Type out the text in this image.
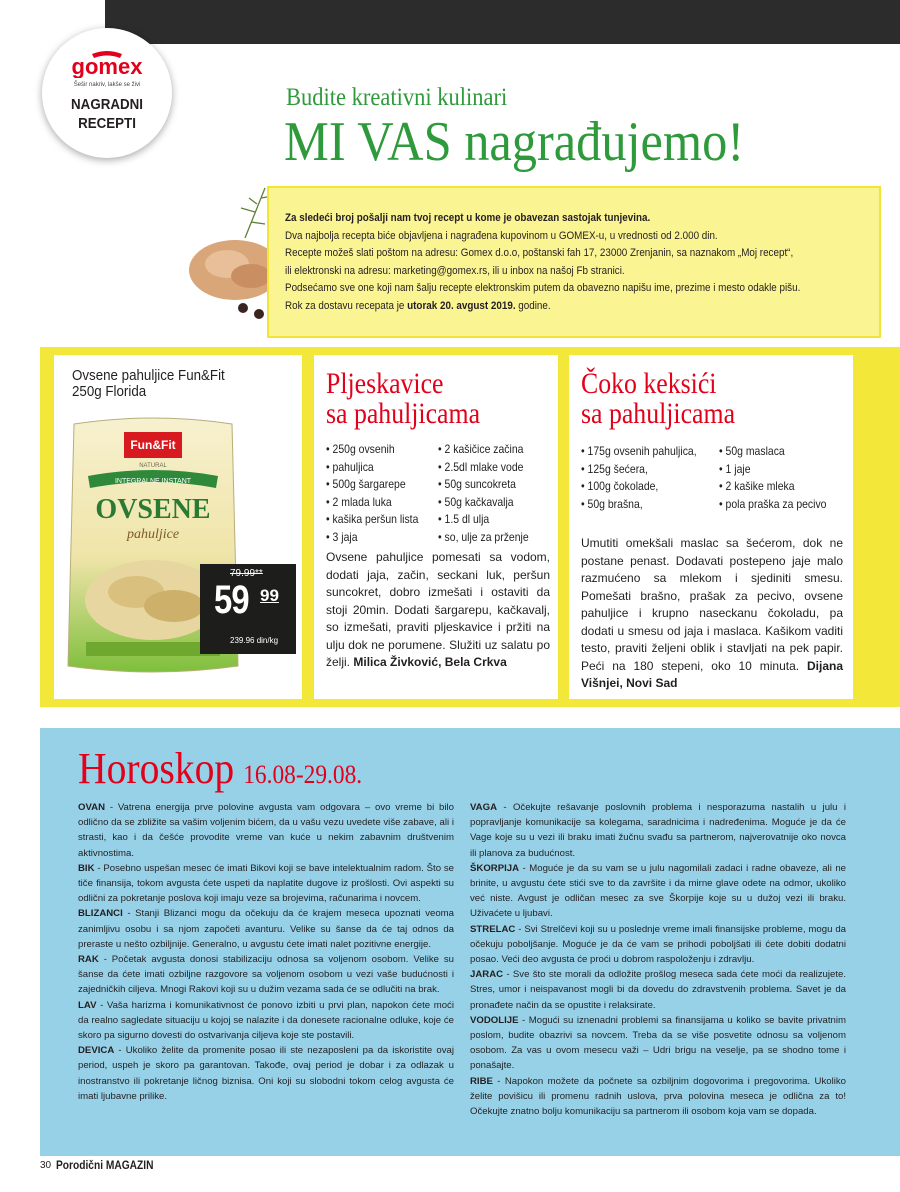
gomex
Šešir nakriv, lakše se živi
NAGRADNI
RECEPTI
Budite kreativni kulinari
MI VAS nagrađujemo!
Za sledeći broj pošalji nam tvoj recept u kome je obavezan sastojak tunjevina.
Dva najbolja recepta biće objavljena i nagrađena kupovinom u GOMEX-u, u vrednosti od 2.000 din.
Recepte možeš slati poštom na adresu: Gomex d.o.o, poštanski fah 17, 23000 Zrenjanin, sa naznakom „Moj recept“,
ili elektronski na adresu: marketing@gomex.rs, ili u inbox na našoj Fb stranici.
Podsećamo sve one koji nam šalju recepte elektronskim putem da obavezno napišu ime, prezime i mesto odakle pišu.
Rok za dostavu recepata je utorak 20. avgust 2019. godine.
Ovsene pahuljice Fun&Fit
250g Florida
Fun&Fit
NATURAL
INTEGRALNE INSTANT
OVSENE
pahuljice
79.99**
59 99
239.96 din/kg
Pljeskavice
sa pahuljicama
• 250g ovsenih
• pahuljica
• 500g šargarepe
• 2 mlada luka
• kašika peršun lista
• 3 jaja
• 2 kašičice začina
• 2.5dl mlake vode
• 50g suncokreta
• 50g kačkavalja
• 1.5 dl ulja
• so, ulje za prženje
Ovsene pahuljice pomesati sa vodom, dodati jaja, začin, seckani luk, peršun suncokret, dobro izmešati i ostaviti da stoji 20min. Dodati šargarepu, kačkavalj, so izmešati, praviti pljeskavice i pržiti na ulju dok ne porumene. Služiti uz salatu po želji. Milica Živković, Bela Crkva
Čoko keksići
sa pahuljicama
• 175g ovsenih pahuljica,
• 125g šećera,
• 100g čokolade,
• 50g brašna,
• 50g maslaca
• 1 jaje
• 2 kašike mleka
• pola praška za pecivo
Umutiti omekšali maslac sa šećerom, dok ne postane penast. Dodavati postepeno jaje malo razmućeno sa mlekom i sjediniti smesu. Pomešati brašno, prašak za pecivo, ovsene pahuljice i krupno naseckanu čokoladu, pa dodati u smesu od jaja i maslaca. Kašikom vaditi testo, praviti željeni oblik i stavljati na pek papir. Peći na 180 stepeni, oko 10 minuta. Dijana Višnjei, Novi Sad
Horoskop 16.08-29.08.

OVAN - Vatrena energija prve polovine avgusta vam odgovara – ovo vreme bi bilo odlično da se zbližite sa vašim voljenim bićem, da u vašu vezu uvedete više zabave, ali i strasti, kao i da češće provodite vreme van kuće u nekim zabavnim društvenim aktivnostima.

BIK - Posebno uspešan mesec će imati Bikovi koji se bave intelektualnim radom. Što se tiče finansija, tokom avgusta ćete uspeti da naplatite dugove iz prošlosti. Ovi aspekti su odlični za pokretanje poslova koji imaju veze sa brojevima, računarima i novcem.

BLIZANCI - Stanji Blizanci mogu da očekuju da će krajem meseca upoznati veoma zanimljivu osobu i sa njom započeti avanturu. Velike su šanse da će taj odnos da preraste u nešto ozbiljnije. Generalno, u avgustu ćete imati nalet pozitivne energije.

RAK - Početak avgusta donosi stabilizaciju odnosa sa voljenom osobom. Velike su šanse da ćete imati ozbiljne razgovore sa voljenom osobom u vezi vaše budućnosti i zajedničkih ciljeva. Mnogi Rakovi koji su u dužim vezama sada će se odlučiti na brak.

LAV - Vaša harizma i komunikativnost će ponovo izbiti u prvi plan, napokon ćete moći da realno sagledate situaciju u kojoj se nalazite i da donesete racionalne odluke, koje će skoro pa sigurno dovesti do ostvarivanja ciljeva koje ste postavili.

DEVICA - Ukoliko želite da promenite posao ili ste nezaposleni pa da iskoristite ovaj period, uspeh je skoro pa garantovan. Takođe, ovaj period je dobar i za odlazak u inostranstvo ili pokretanje ličnog biznisa. Oni koji su slobodni tokom celog avgusta će imati ljubavne prilike.

VAGA - Očekujte rešavanje poslovnih problema i nesporazuma nastalih u julu i popravljanje komunikacije sa kolegama, saradnicima i nadređenima. Moguće je da će Vage koje su u vezi ili braku imati žučnu svađu sa partnerom, najverovatnije oko novca ili planova za budućnost.

ŠKORPIJA - Moguće je da su vam se u julu nagomilali zadaci i radne obaveze, ali ne brinite, u avgustu ćete stići sve to da završite i da mirne glave odete na odmor, ukoliko već niste. Avgust je odličan mesec za sve Škorpije koje su u dužoj vezi ili braku. Uživaćete u ljubavi.

STRELAC - Svi Strelčevi koji su u poslednje vreme imali finansijske probleme, mogu da očekuju poboljšanje. Moguće je da će vam se prihodi poboljšati ili ćete dobiti dodatni posao. Veći deo avgusta će proći u dobrom raspoloženju i zdravlju.

JARAC - Sve što ste morali da odložite prošlog meseca sada ćete moći da realizujete. Stres, umor i neispavanost mogli bi da dovedu do zdravstvenih problema. Savet je da pronađete način da se opustite i relaksirate.

VODOLIJE - Mogući su iznenadni problemi sa finansijama u koliko se bavite privatnim poslom, budite obazrivi sa novcem. Treba da se više posvetite odnosu sa voljenom osobom. Za vas u ovom mesecu važi – Udri brigu na veselje, pa se shodno tome i ponašajte.

RIBE - Napokon možete da počnete sa ozbiljnim dogovorima i pregovorima. Ukoliko želite povišicu ili promenu radnih uslova, prva polovina meseca je odlična za to! Očekujte znatno bolju komunikaciju sa partnerom ili osobom koja vam se dopada.

30 Porodični MAGAZIN
